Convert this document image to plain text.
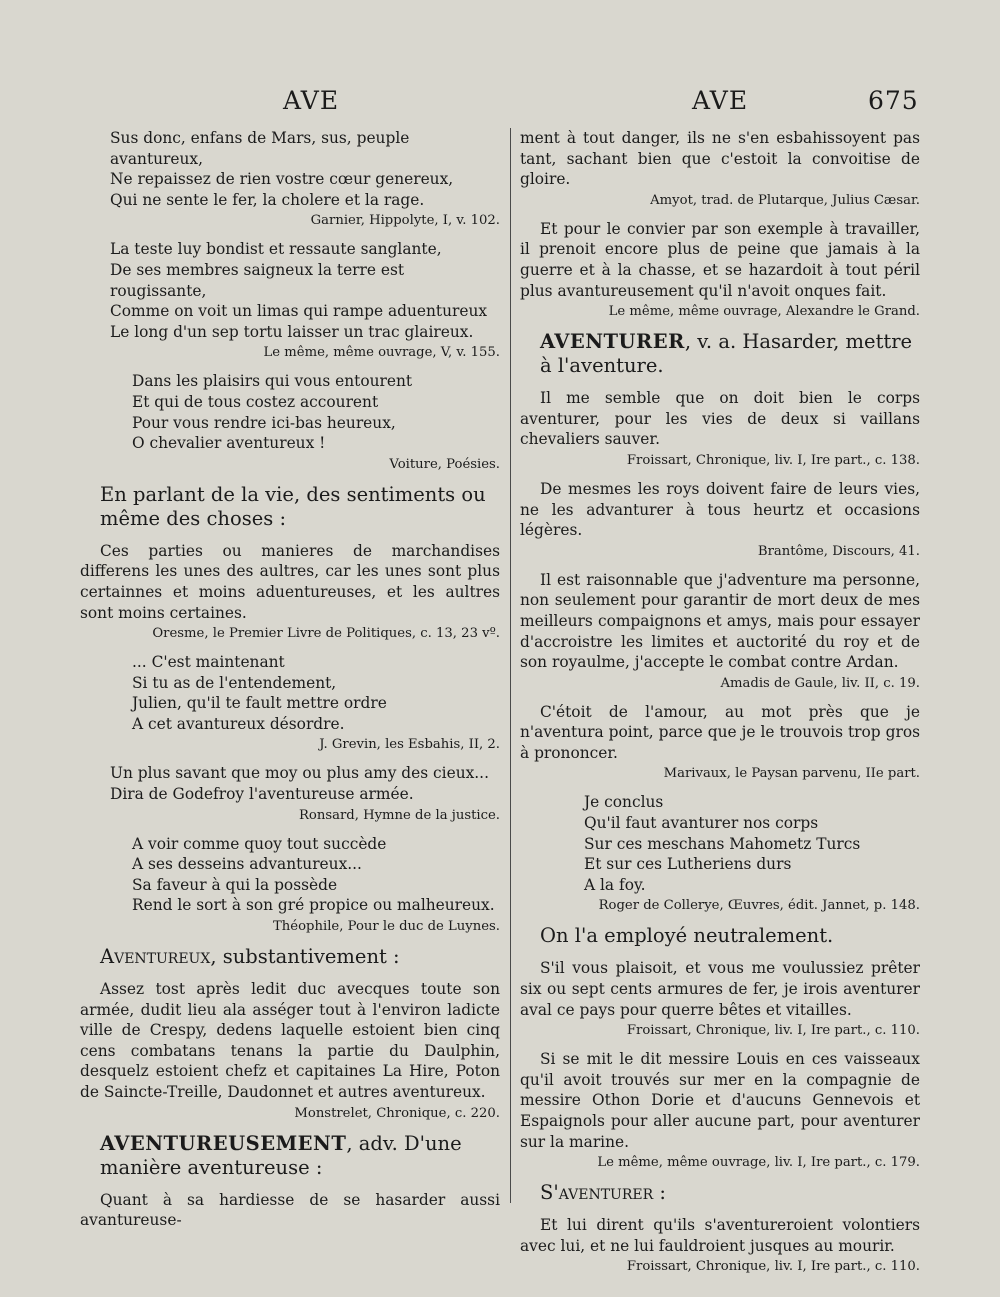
AVE	AVE	675
Sus donc, enfans de Mars, sus, peuple avantureux,
Ne repaissez de rien vostre cœur genereux,
Qui ne sente le fer, la cholere et la rage.
Garnier, Hippolyte, I, v. 102.
La teste luy bondist et ressaute sanglante,
De ses membres saigneux la terre est rougissante,
Comme on voit un limas qui rampe aduentureux
Le long d'un sep tortu laisser un trac glaireux.
Le même, même ouvrage, V, v. 155.
Dans les plaisirs qui vous entourent
Et qui de tous costez accourent
Pour vous rendre ici-bas heureux,
O chevalier aventureux !
Voiture, Poésies.
En parlant de la vie, des sentiments ou même des choses :
Ces parties ou manieres de marchandises differens les unes des aultres, car les unes sont plus certainnes et moins aduentureuses, et les aultres sont moins certaines.
Oresme, le Premier Livre de Politiques, c. 13, 23 vº.
... C'est maintenant
Si tu as de l'entendement,
Julien, qu'il te fault mettre ordre
A cet avantureux désordre.
J. Grevin, les Esbahis, II, 2.
Un plus savant que moy ou plus amy des cieux...
Dira de Godefroy l'aventureuse armée.
Ronsard, Hymne de la justice.
A voir comme quoy tout succède
A ses desseins advantureux...
Sa faveur à qui la possède
Rend le sort à son gré propice ou malheureux.
Théophile, Pour le duc de Luynes.
Aventureux, substantivement :
Assez tost après ledit duc avecques toute son armée, dudit lieu ala asséger tout à l'environ ladicte ville de Crespy, dedens laquelle estoient bien cinq cens combatans tenans la partie du Daulphin, desquelz estoient chefz et capitaines La Hire, Poton de Saincte-Treille, Daudonnet et autres aventureux.
Monstrelet, Chronique, c. 220.
AVENTUREUSEMENT, adv. D'une manière aventureuse :
Quant à sa hardiesse de se hasarder aussi avantureuse-
ment à tout danger, ils ne s'en esbahissoyent pas tant, sachant bien que c'estoit la convoitise de gloire.
Amyot, trad. de Plutarque, Julius Cæsar.
Et pour le convier par son exemple à travailler, il prenoit encore plus de peine que jamais à la guerre et à la chasse, et se hazardoit à tout péril plus avantureusement qu'il n'avoit onques fait.
Le même, même ouvrage, Alexandre le Grand.
AVENTURER, v. a. Hasarder, mettre à l'aventure.
Il me semble que on doit bien le corps aventurer, pour les vies de deux si vaillans chevaliers sauver.
Froissart, Chronique, liv. I, Ire part., c. 138.
De mesmes les roys doivent faire de leurs vies, ne les advanturer à tous heurtz et occasions légères.
Brantôme, Discours, 41.
Il est raisonnable que j'adventure ma personne, non seulement pour garantir de mort deux de mes meilleurs compaignons et amys, mais pour essayer d'accroistre les limites et auctorité du roy et de son royaulme, j'accepte le combat contre Ardan.
Amadis de Gaule, liv. II, c. 19.
C'étoit de l'amour, au mot près que je n'aventura point, parce que je le trouvois trop gros à prononcer.
Marivaux, le Paysan parvenu, IIe part.
Je conclus
Qu'il faut avanturer nos corps
Sur ces meschans Mahometz Turcs
Et sur ces Lutheriens durs
A la foy.
Roger de Collerye, Œuvres, édit. Jannet, p. 148.
On l'a employé neutralement.
S'il vous plaisoit, et vous me voulussiez prêter six ou sept cents armures de fer, je irois aventurer aval ce pays pour querre bêtes et vitailles.
Froissart, Chronique, liv. I, Ire part., c. 110.
Si se mit le dit messire Louis en ces vaisseaux qu'il avoit trouvés sur mer en la compagnie de messire Othon Dorie et d'aucuns Gennevois et Espaignols pour aller aucune part, pour aventurer sur la marine.
Le même, même ouvrage, liv. I, Ire part., c. 179.
S'aventurer :
Et lui dirent qu'ils s'aventureroient volontiers avec lui, et ne lui fauldroient jusques au mourir.
Froissart, Chronique, liv. I, Ire part., c. 110.
